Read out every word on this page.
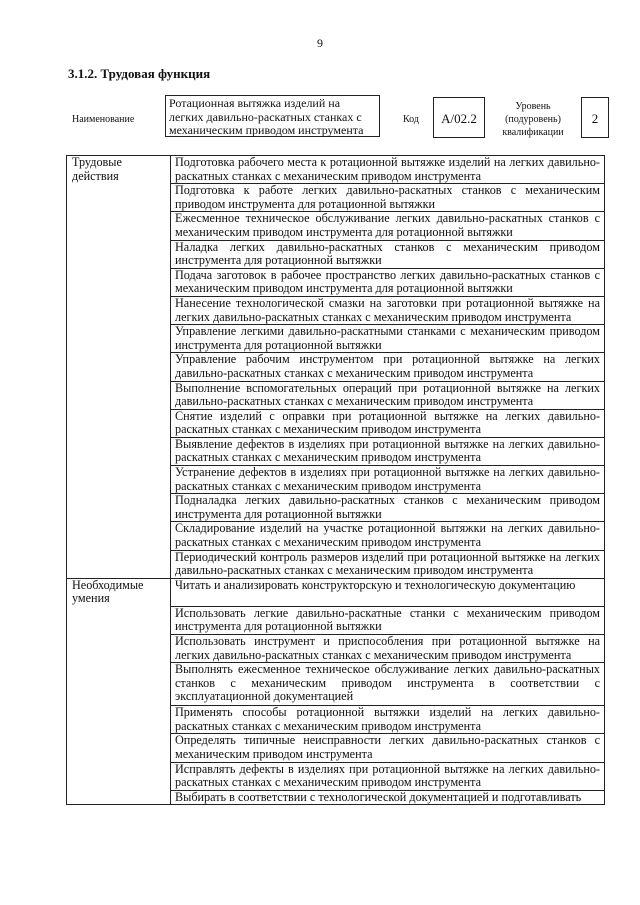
9
3.1.2. Трудовая функция
Наименование
Ротационная вытяжка изделий на легких давильно-раскатных станках с механическим приводом инструмента
Код	A/02.2
Уровень (подуровень) квалификации
2
Трудовые действия	Подготовка рабочего места к ротационной вытяжке изделий на легких давильно-раскатных станках с механическим приводом инструмента
	Подготовка к работе легких давильно-раскатных станков с механическим приводом инструмента для ротационной вытяжки
	Ежесменное техническое обслуживание легких давильно-раскатных станков с механическим приводом инструмента для ротационной вытяжки
	Наладка легких давильно-раскатных станков с механическим приводом инструмента для ротационной вытяжки
	Подача заготовок в рабочее пространство легких давильно-раскатных станков с механическим приводом инструмента для ротационной вытяжки
	Нанесение технологической смазки на заготовки при ротационной вытяжке на легких давильно-раскатных станках с механическим приводом инструмента
	Управление легкими давильно-раскатными станками с механическим приводом инструмента для ротационной вытяжки
	Управление рабочим инструментом при ротационной вытяжке на легких давильно-раскатных станках с механическим приводом инструмента
	Выполнение вспомогательных операций при ротационной вытяжке на легких давильно-раскатных станках с механическим приводом инструмента
	Снятие изделий с оправки при ротационной вытяжке на легких давильно-раскатных станках с механическим приводом инструмента
	Выявление дефектов в изделиях при ротационной вытяжке на легких давильно-раскатных станках с механическим приводом инструмента
	Устранение дефектов в изделиях при ротационной вытяжке на легких давильно-раскатных станках с механическим приводом инструмента
	Подналадка легких давильно-раскатных станков с механическим приводом инструмента для ротационной вытяжки
	Складирование изделий на участке ротационной вытяжки на легких давильно-раскатных станках с механическим приводом инструмента
	Периодический контроль размеров изделий при ротационной вытяжке на легких давильно-раскатных станках с механическим приводом инструмента
Необходимые умения	Читать и анализировать конструкторскую и технологическую документацию
	Использовать легкие давильно-раскатные станки с механическим приводом инструмента для ротационной вытяжки
	Использовать инструмент и приспособления при ротационной вытяжке на легких давильно-раскатных станках с механическим приводом инструмента
	Выполнять ежесменное техническое обслуживание легких давильно-раскатных станков с механическим приводом инструмента в соответствии с эксплуатационной документацией
	Применять способы ротационной вытяжки изделий на легких давильно-раскатных станках с механическим приводом инструмента
	Определять типичные неисправности легких давильно-раскатных станков с механическим приводом инструмента
	Исправлять дефекты в изделиях при ротационной вытяжке на легких давильно-раскатных станках с механическим приводом инструмента
	Выбирать в соответствии с технологической документацией и подготавливать
